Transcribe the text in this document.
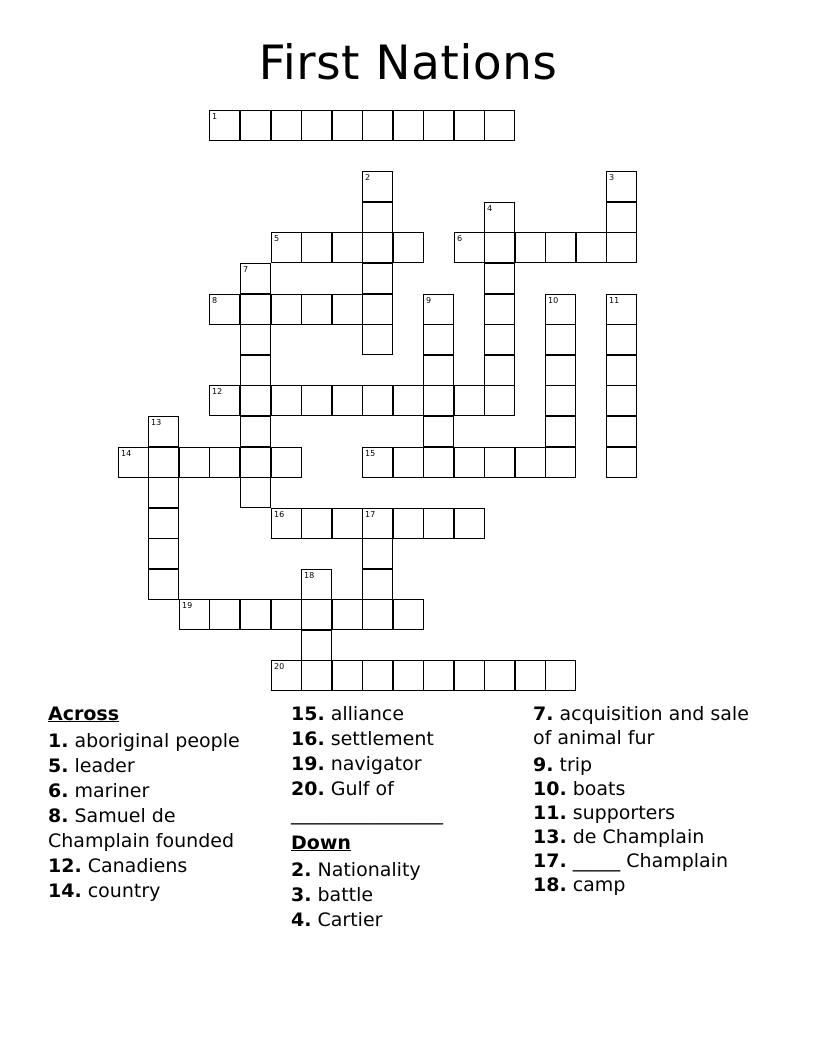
First Nations
1
2	3
4
5	6
7
8	9	10	11
12
13
14	15
16	17
18
19
20
Across
1. aboriginal people
5. leader
6. mariner
8. Samuel de Champlain founded
12. Canadiens
14. country
15. alliance
16. settlement
19. navigator
20. Gulf of ________________
Down
2. Nationality
3. battle
4. Cartier
7. acquisition and sale of animal fur
9. trip
10. boats
11. supporters
13. de Champlain
17. _____ Champlain
18. camp
